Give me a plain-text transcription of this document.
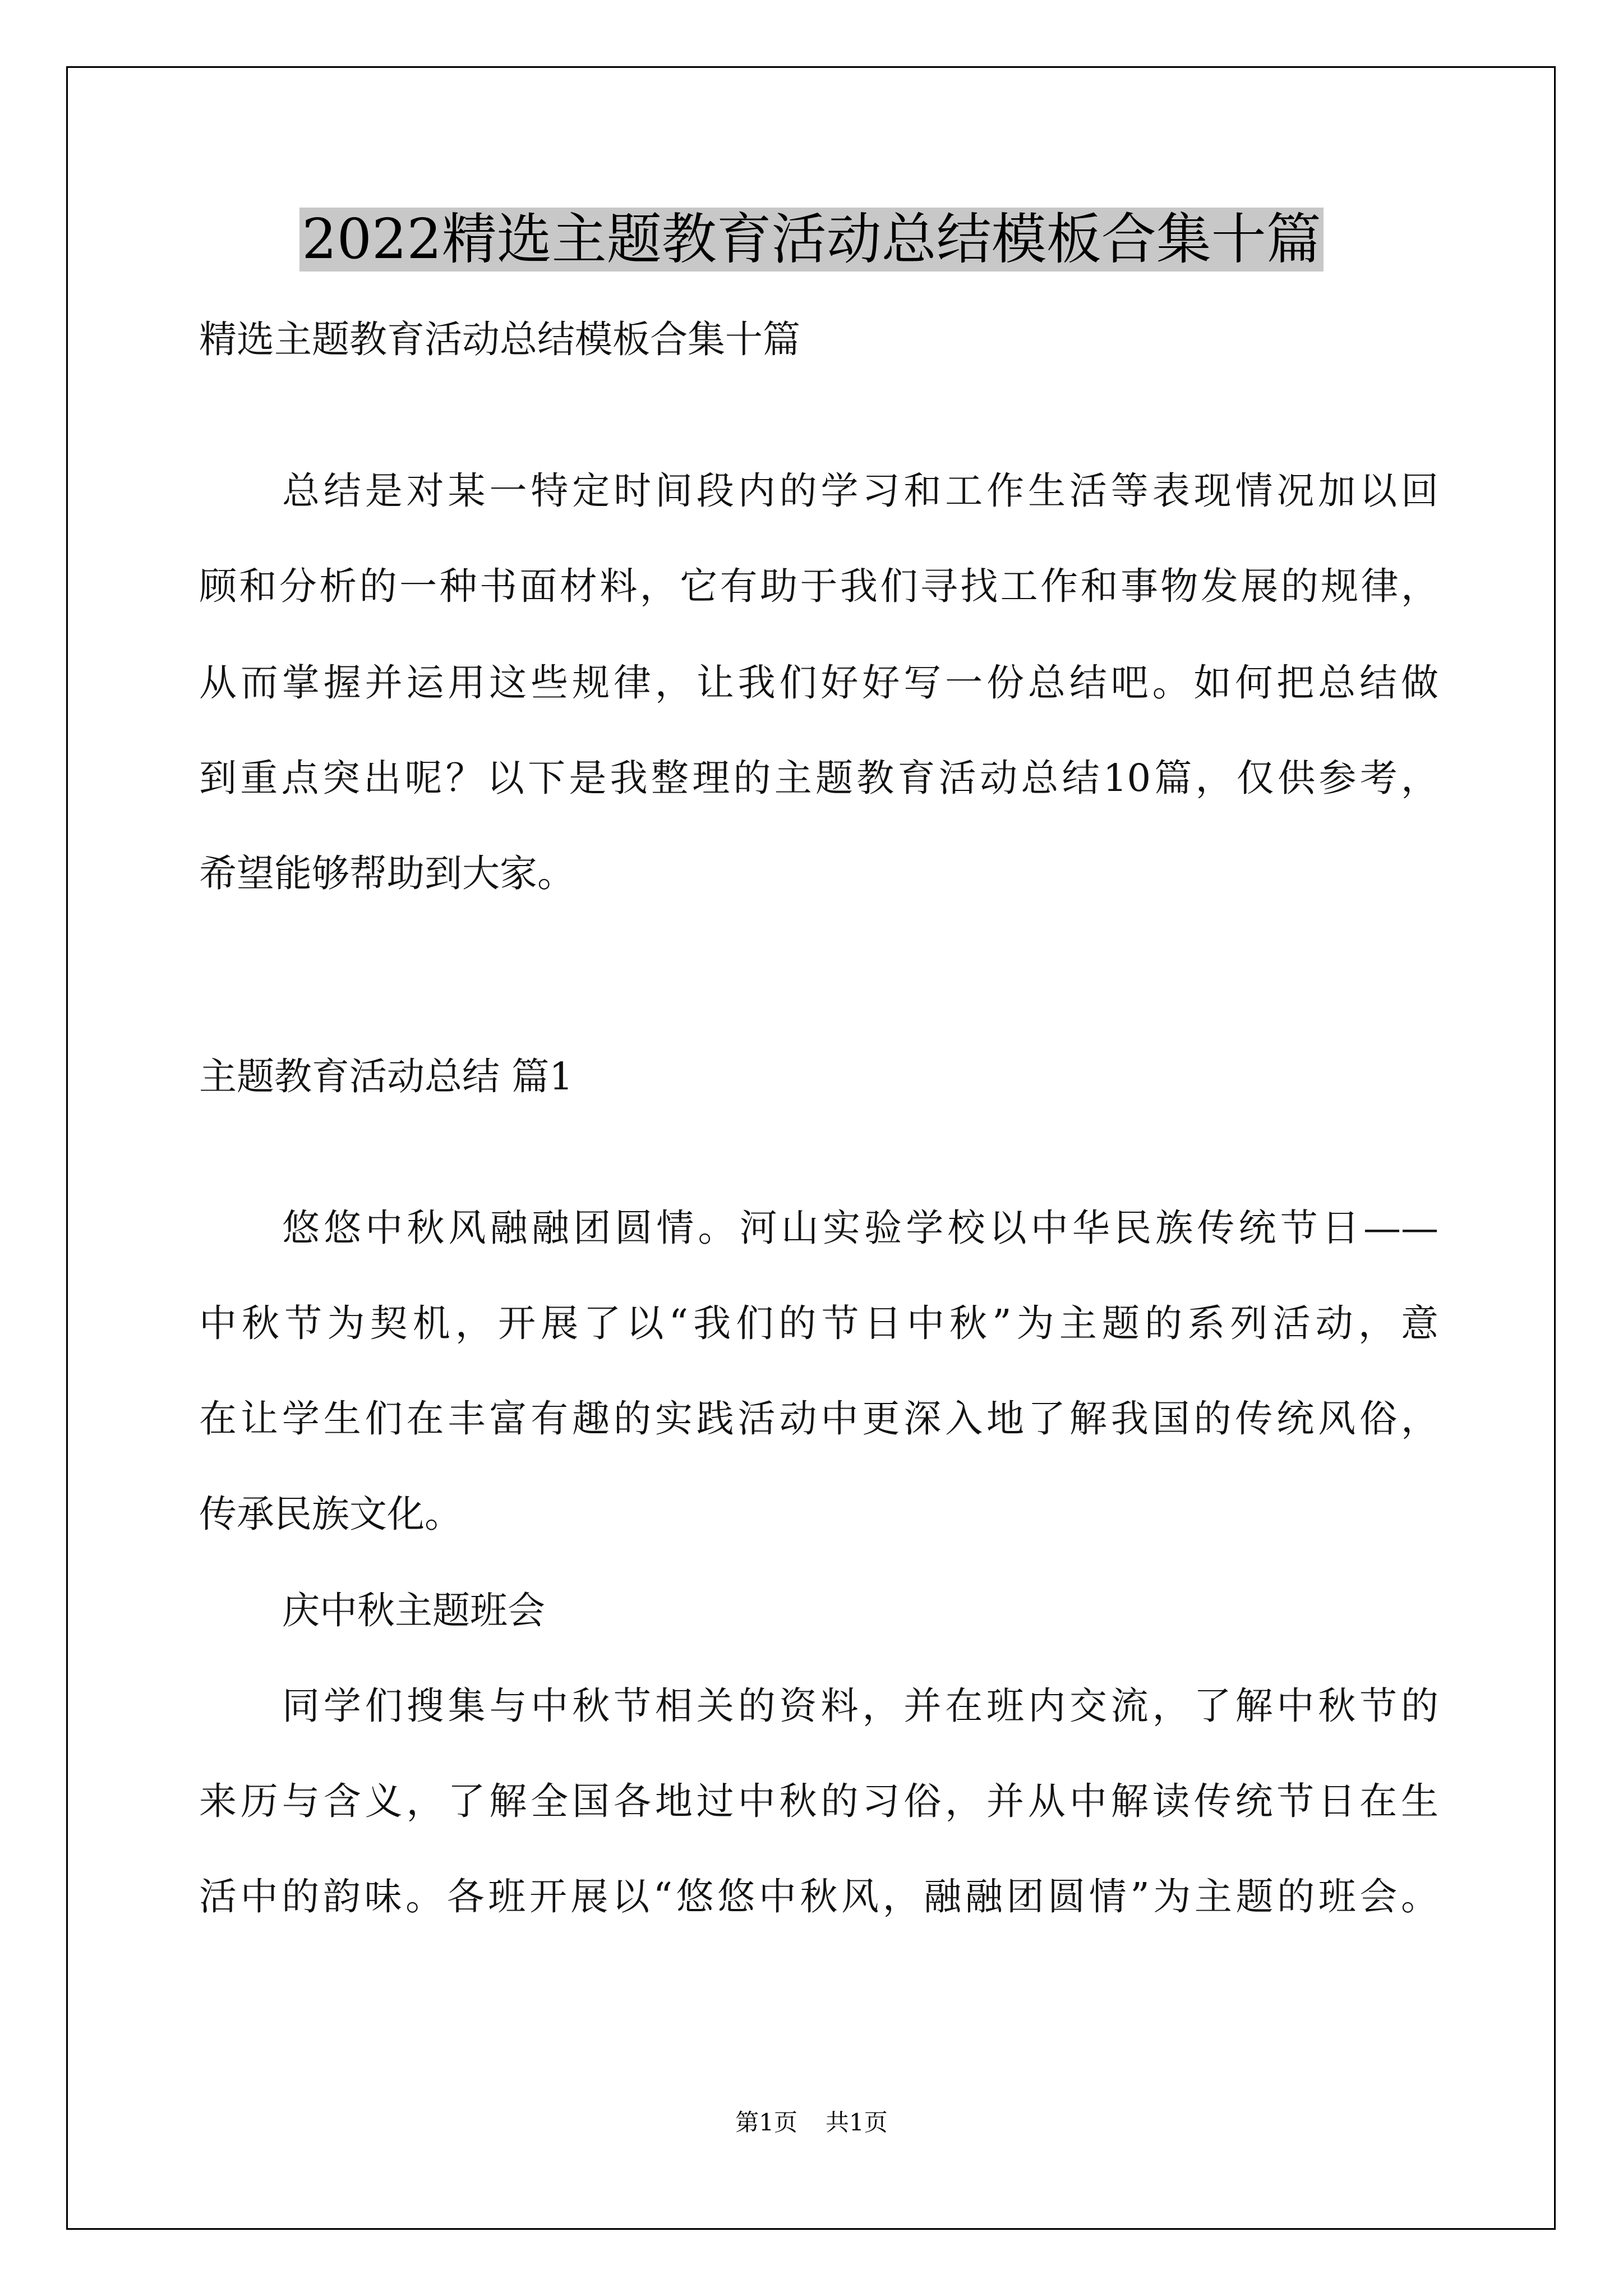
2022精选主题教育活动总结模板合集十篇
精选主题教育活动总结模板合集十篇
总结是对某一特定时间段内的学习和工作生活等表现情况加以回
顾和分析的一种书面材料，它有助于我们寻找工作和事物发展的规律，
从而掌握并运用这些规律，让我们好好写一份总结吧。如何把总结做
到重点突出呢？以下是我整理的主题教育活动总结10篇，仅供参考，
希望能够帮助到大家。
主题教育活动总结 篇1
悠悠中秋风融融团圆情。河山实验学校以中华民族传统节日——
中秋节为契机，开展了以“我们的节日中秋”为主题的系列活动，意
在让学生们在丰富有趣的实践活动中更深入地了解我国的传统风俗，
传承民族文化。
庆中秋主题班会
同学们搜集与中秋节相关的资料，并在班内交流，了解中秋节的
来历与含义，了解全国各地过中秋的习俗，并从中解读传统节日在生
活中的韵味。各班开展以“悠悠中秋风，融融团圆情”为主题的班会。
第1页 共1页
